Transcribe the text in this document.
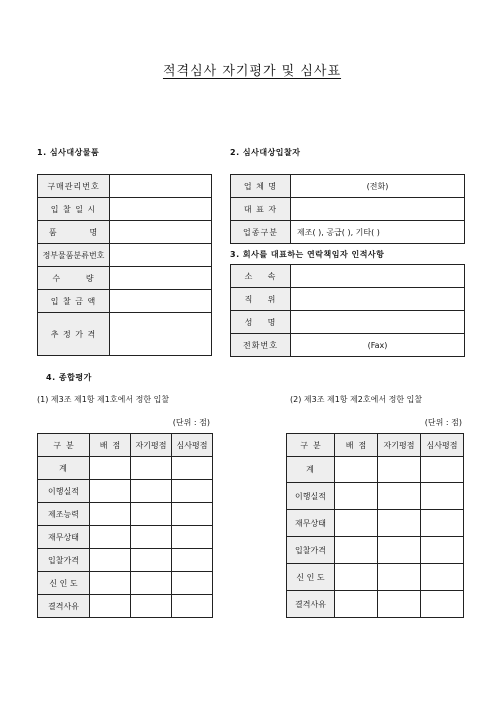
적격심사 자기평가 및 심사표
1. 심사대상물품	2. 심사대상입찰자
구매관리번호	
입 찰 일 시	
품         명	
정부물품분류번호	
수       량	
입 찰 금 액	
추 정 가 격	
업 체 명	(전화)
대 표 자	
업종구분	제조( ), 공급( ), 기타( )
3. 회사를 대표하는 연락책임자 인적사항
소    속	
직    위	
성    명	
전화번호	(Fax)
4. 종합평가
(1) 제3조 제1항 제1호에서 정한 입찰	(2) 제3조 제1항 제2호에서 정한 입찰
(단위 : 점)	(단위 : 점)
구  분	배  점	자기평점	심사평점
계			
이행실적			
제조능력			
재무상태			
입찰가격			
신 인 도			
결격사유			
구  분	배  점	자기평점	심사평점
계			
이행실적			
재무상태			
입찰가격			
신 인 도			
결격사유			
